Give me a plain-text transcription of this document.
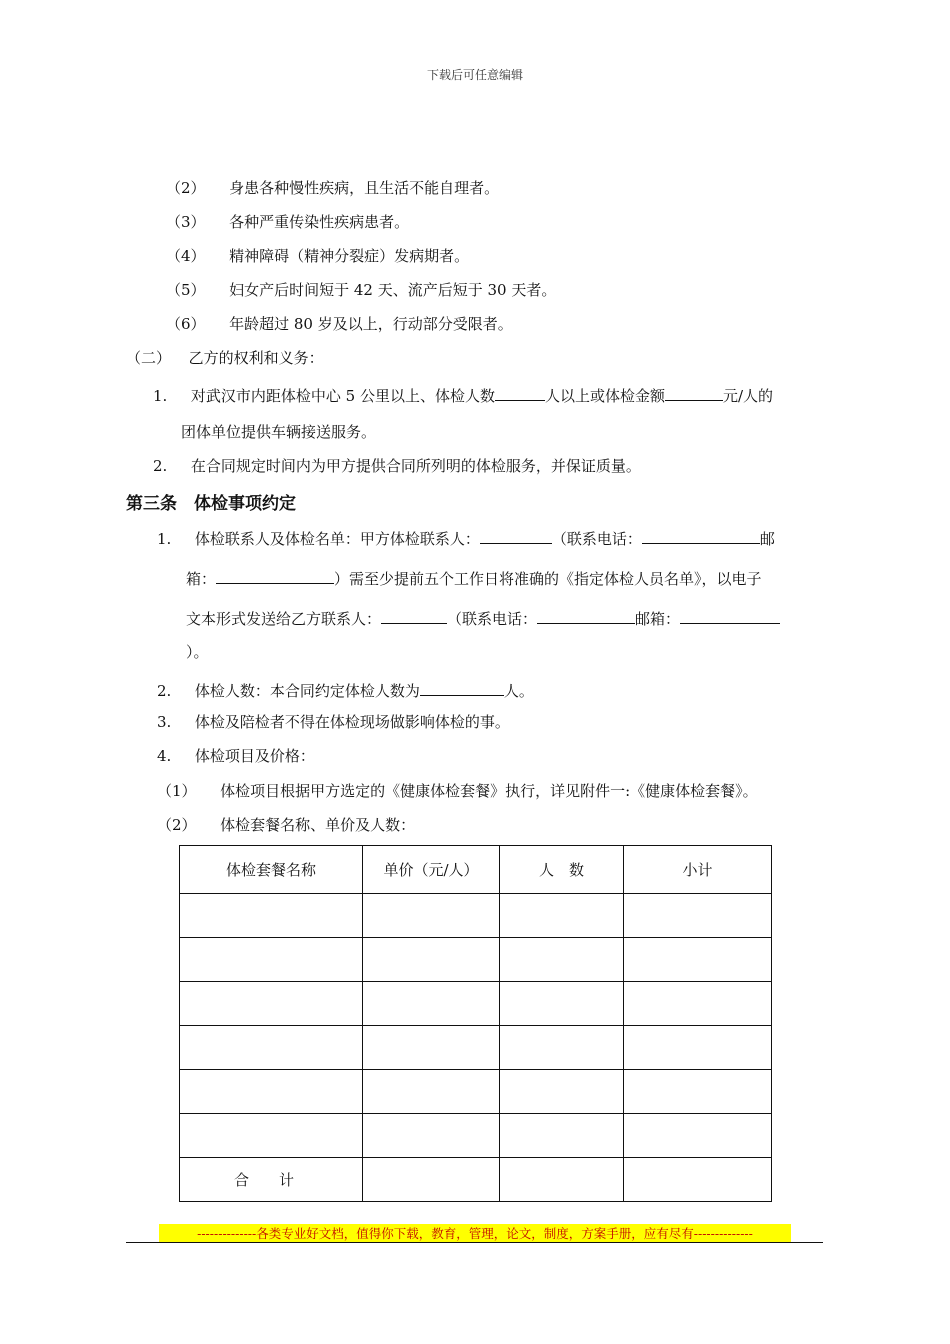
下载后可任意编辑
（2） 身患各种慢性疾病，且生活不能自理者。
（3） 各种严重传染性疾病患者。
（4） 精神障碍（精神分裂症）发病期者。
（5） 妇女产后时间短于 42 天、流产后短于 30 天者。
（6） 年龄超过 80 岁及以上，行动部分受限者。
（二） 乙方的权利和义务：
1. 对武汉市内距体检中心 5 公里以上、体检人数	人以上或体检金额	元/人的
团体单位提供车辆接送服务。
2. 在合同规定时间内为甲方提供合同所列明的体检服务，并保证质量。
第三条　体检事项约定
1. 体检联系人及体检名单：甲方体检联系人：	（联系电话：	邮
箱：	）需至少提前五个工作日将准确的《指定体检人员名单》，以电子
文本形式发送给乙方联系人：	（联系电话：	邮箱：
）。
2. 体检人数：本合同约定体检人数为	人。
3. 体检及陪检者不得在体检现场做影响体检的事。
4. 体检项目及价格：
（1） 体检项目根据甲方选定的《健康体检套餐》执行，详见附件一:《健康体检套餐》。
（2） 体检套餐名称、单价及人数：
体检套餐名称	单价（元/人）	人　数	小计

合　　计			
--------------各类专业好文档，值得你下载，教育，管理，论文，制度，方案手册，应有尽有--------------
